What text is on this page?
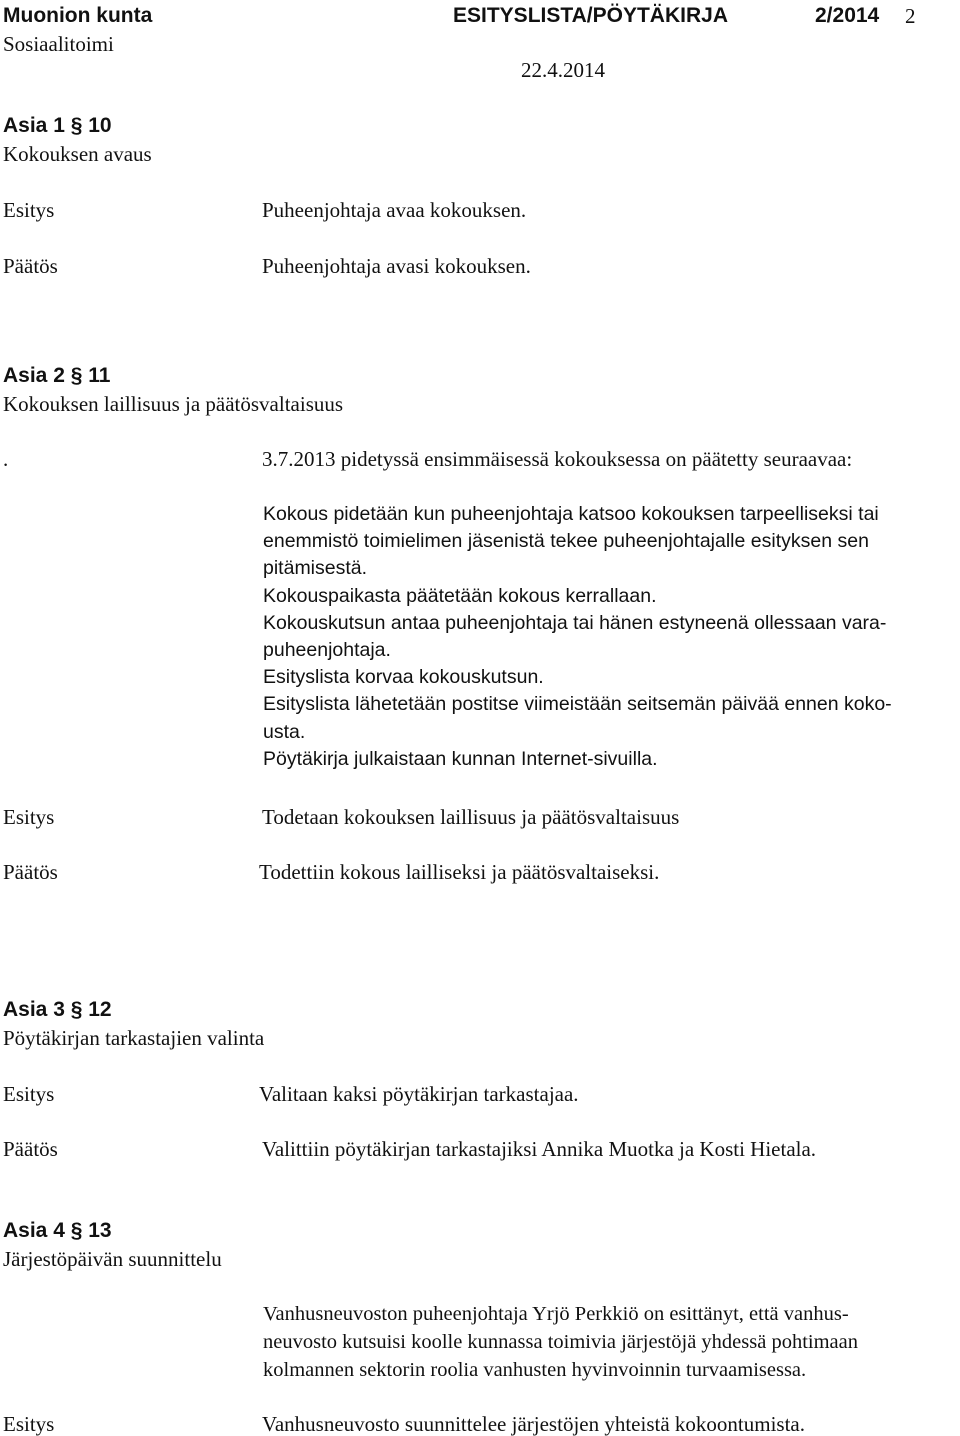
Muonion kunta	ESITYSLISTA/PÖYTÄKIRJA	2/2014 2
Sosiaalitoimi
22.4.2014
Asia 1 § 10
Kokouksen avaus
Esitys	Puheenjohtaja avaa kokouksen.
Päätös	Puheenjohtaja avasi kokouksen.
Asia 2 § 11
Kokouksen laillisuus ja päätösvaltaisuus
.	3.7.2013 pidetyssä ensimmäisessä kokouksessa on päätetty seuraavaa:
Kokous pidetään kun puheenjohtaja katsoo kokouksen tarpeelliseksi tai
enemmistö toimielimen jäsenistä tekee puheenjohtajalle esityksen sen
pitämisestä.
Kokouspaikasta päätetään kokous kerrallaan.
Kokouskutsun antaa puheenjohtaja tai hänen estyneenä ollessaan vara-
puheenjohtaja.
Esityslista korvaa kokouskutsun.
Esityslista lähetetään postitse viimeistään seitsemän päivää ennen koko-
usta.
Pöytäkirja julkaistaan kunnan Internet-sivuilla.
Esitys	Todetaan kokouksen laillisuus ja päätösvaltaisuus
Päätös	Todettiin kokous lailliseksi ja päätösvaltaiseksi.
Asia 3 § 12
Pöytäkirjan tarkastajien valinta
Esitys	Valitaan kaksi pöytäkirjan tarkastajaa.
Päätös	Valittiin pöytäkirjan tarkastajiksi Annika Muotka ja Kosti Hietala.
Asia 4 § 13
Järjestöpäivän suunnittelu
Vanhusneuvoston puheenjohtaja Yrjö Perkkiö on esittänyt, että vanhus-
neuvosto kutsuisi koolle kunnassa toimivia järjestöjä yhdessä pohtimaan
kolmannen sektorin roolia vanhusten hyvinvoinnin turvaamisessa.
Esitys	Vanhusneuvosto suunnittelee järjestöjen yhteistä kokoontumista.
